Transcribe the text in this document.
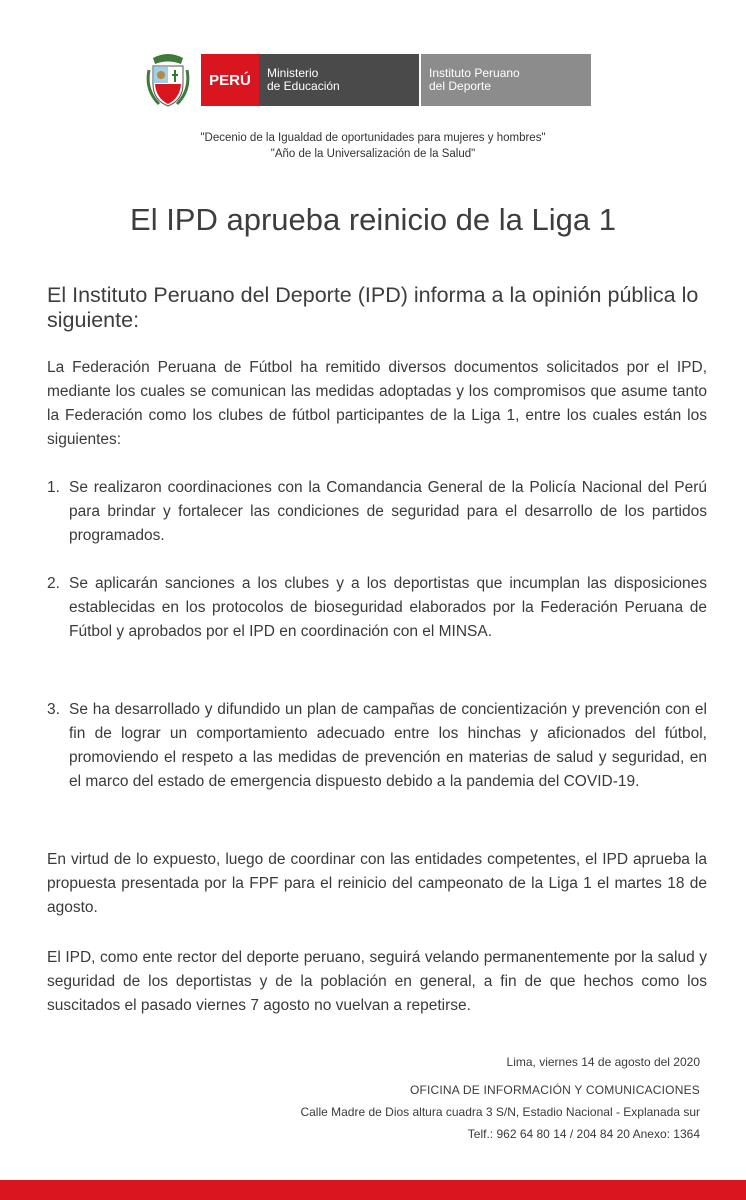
PERÚ	Ministerio
de Educación
Instituto Peruano
del Deporte
"Decenio de la Igualdad de oportunidades para mujeres y hombres"
"Año de la Universalización de la Salud"
El IPD aprueba reinicio de la Liga 1
El Instituto Peruano del Deporte (IPD) informa a la opinión pública lo siguiente:
La Federación Peruana de Fútbol ha remitido diversos documentos solicitados por el IPD, mediante los cuales se comunican las medidas adoptadas y los compromisos que asume tanto la Federación como los clubes de fútbol participantes de la Liga 1, entre los cuales están los siguientes:
1. Se realizaron coordinaciones con la Comandancia General de la Policía Nacional del Perú para brindar y fortalecer las condiciones de seguridad para el desarrollo de los partidos programados.
2. Se aplicarán sanciones a los clubes y a los deportistas que incumplan las disposiciones establecidas en los protocolos de bioseguridad elaborados por la Federación Peruana de Fútbol y aprobados por el IPD en coordinación con el MINSA.
3. Se ha desarrollado y difundido un plan de campañas de concientización y prevención con el fin de lograr un comportamiento adecuado entre los hinchas y aficionados del fútbol, promoviendo el respeto a las medidas de prevención en materias de salud y seguridad, en el marco del estado de emergencia dispuesto debido a la pandemia del COVID-19.
En virtud de lo expuesto, luego de coordinar con las entidades competentes, el IPD aprueba la propuesta presentada por la FPF para el reinicio del campeonato de la Liga 1 el martes 18 de agosto.
El IPD, como ente rector del deporte peruano, seguirá velando permanentemente por la salud y seguridad de los deportistas y de la población en general, a fin de que hechos como los suscitados el pasado viernes 7 agosto no vuelvan a repetirse.
Lima, viernes 14 de agosto del 2020
OFICINA DE INFORMACIÓN Y COMUNICACIONES
Calle Madre de Dios altura cuadra 3 S/N, Estadio Nacional - Explanada sur
Telf.: 962 64 80 14 / 204 84 20 Anexo: 1364
